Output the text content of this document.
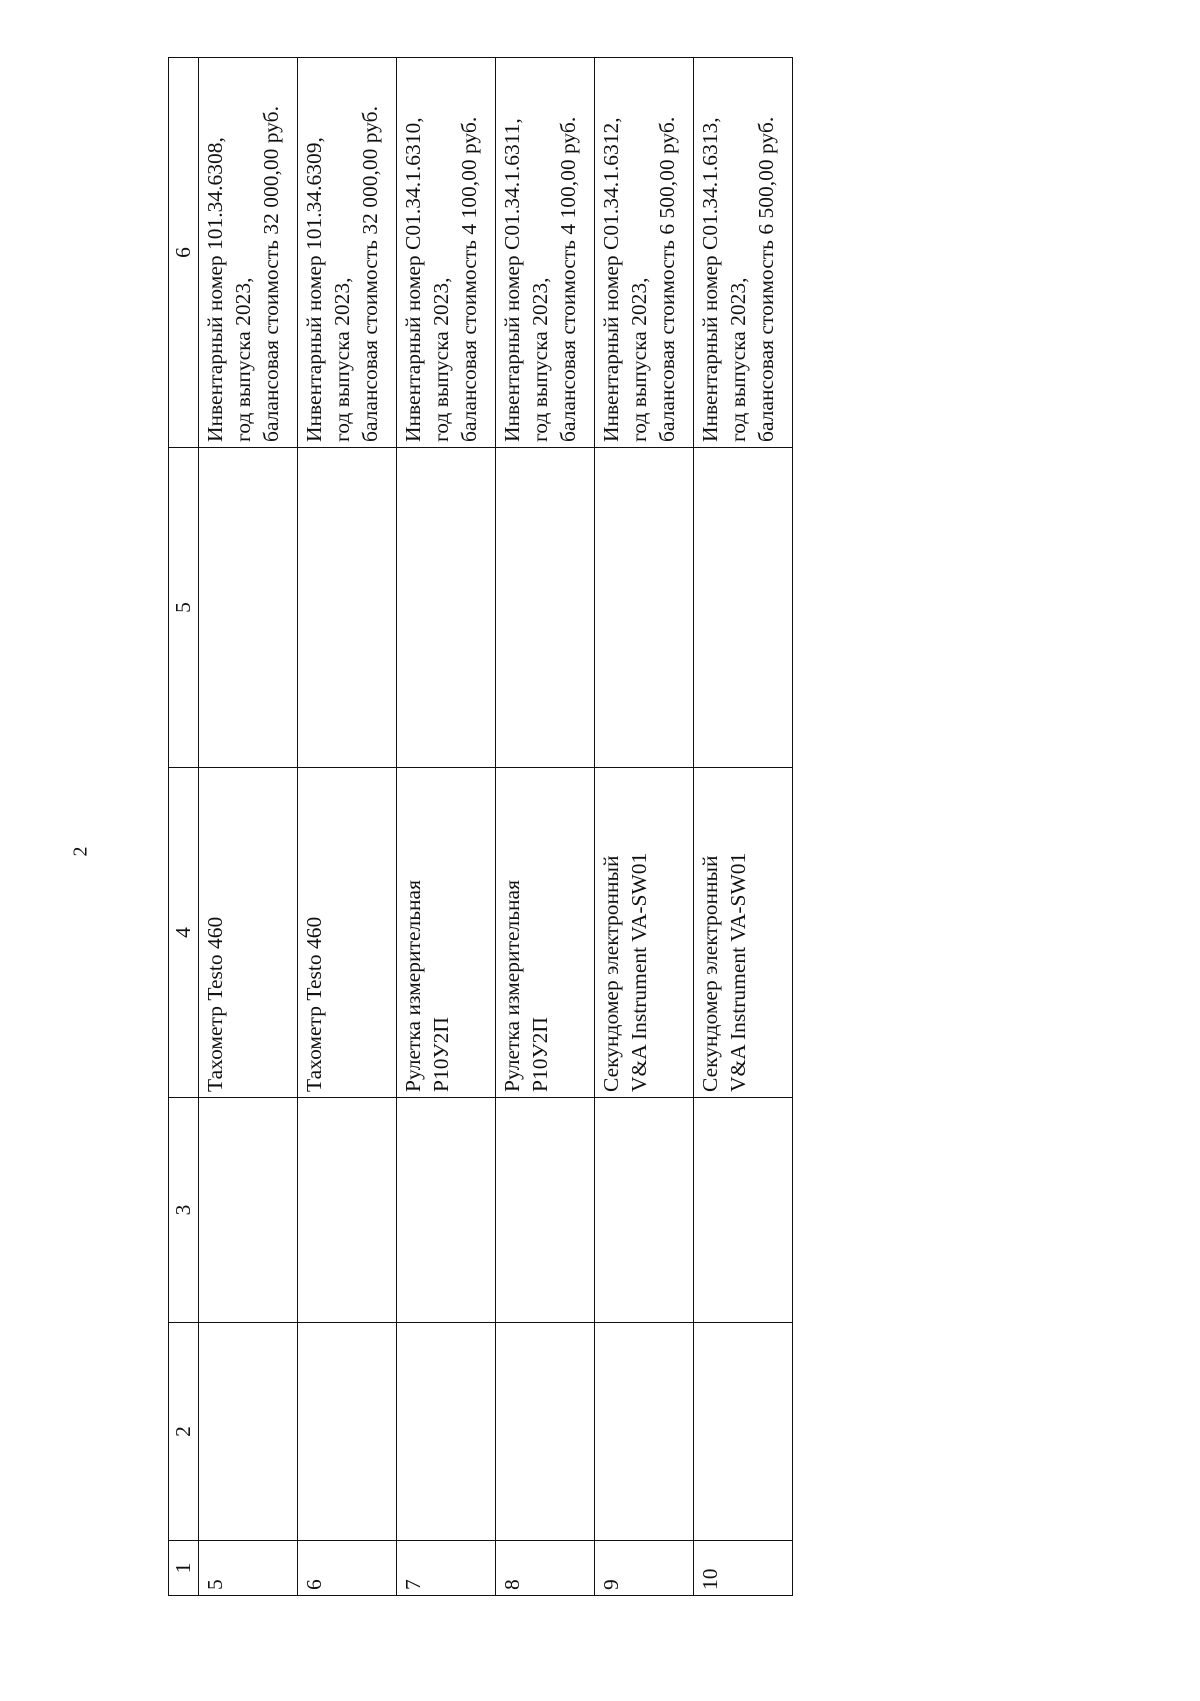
2
1	2	3	4	5	6
5			Тахометр Testo 460		Инвентарный номер 101.34.6308, год выпуска 2023, балансовая стоимость 32 000,00 руб.

6			Тахометр Testo 460		Инвентарный номер 101.34.6309, год выпуска 2023, балансовая стоимость 32 000,00 руб.

7			Рулетка измерительная Р10У2П		Инвентарный номер С01.34.1.6310, год выпуска 2023, балансовая стоимость 4 100,00 руб.

8			Рулетка измерительная Р10У2П		Инвентарный номер С01.34.1.6311, год выпуска 2023, балансовая стоимость 4 100,00 руб.

9			Секундомер электронный V&A Instrument VA-SW01		Инвентарный номер С01.34.1.6312, год выпуска 2023, балансовая стоимость 6 500,00 руб.

10			Секундомер электронный V&A Instrument VA-SW01		Инвентарный номер С01.34.1.6313, год выпуска 2023, балансовая стоимость 6 500,00 руб.
